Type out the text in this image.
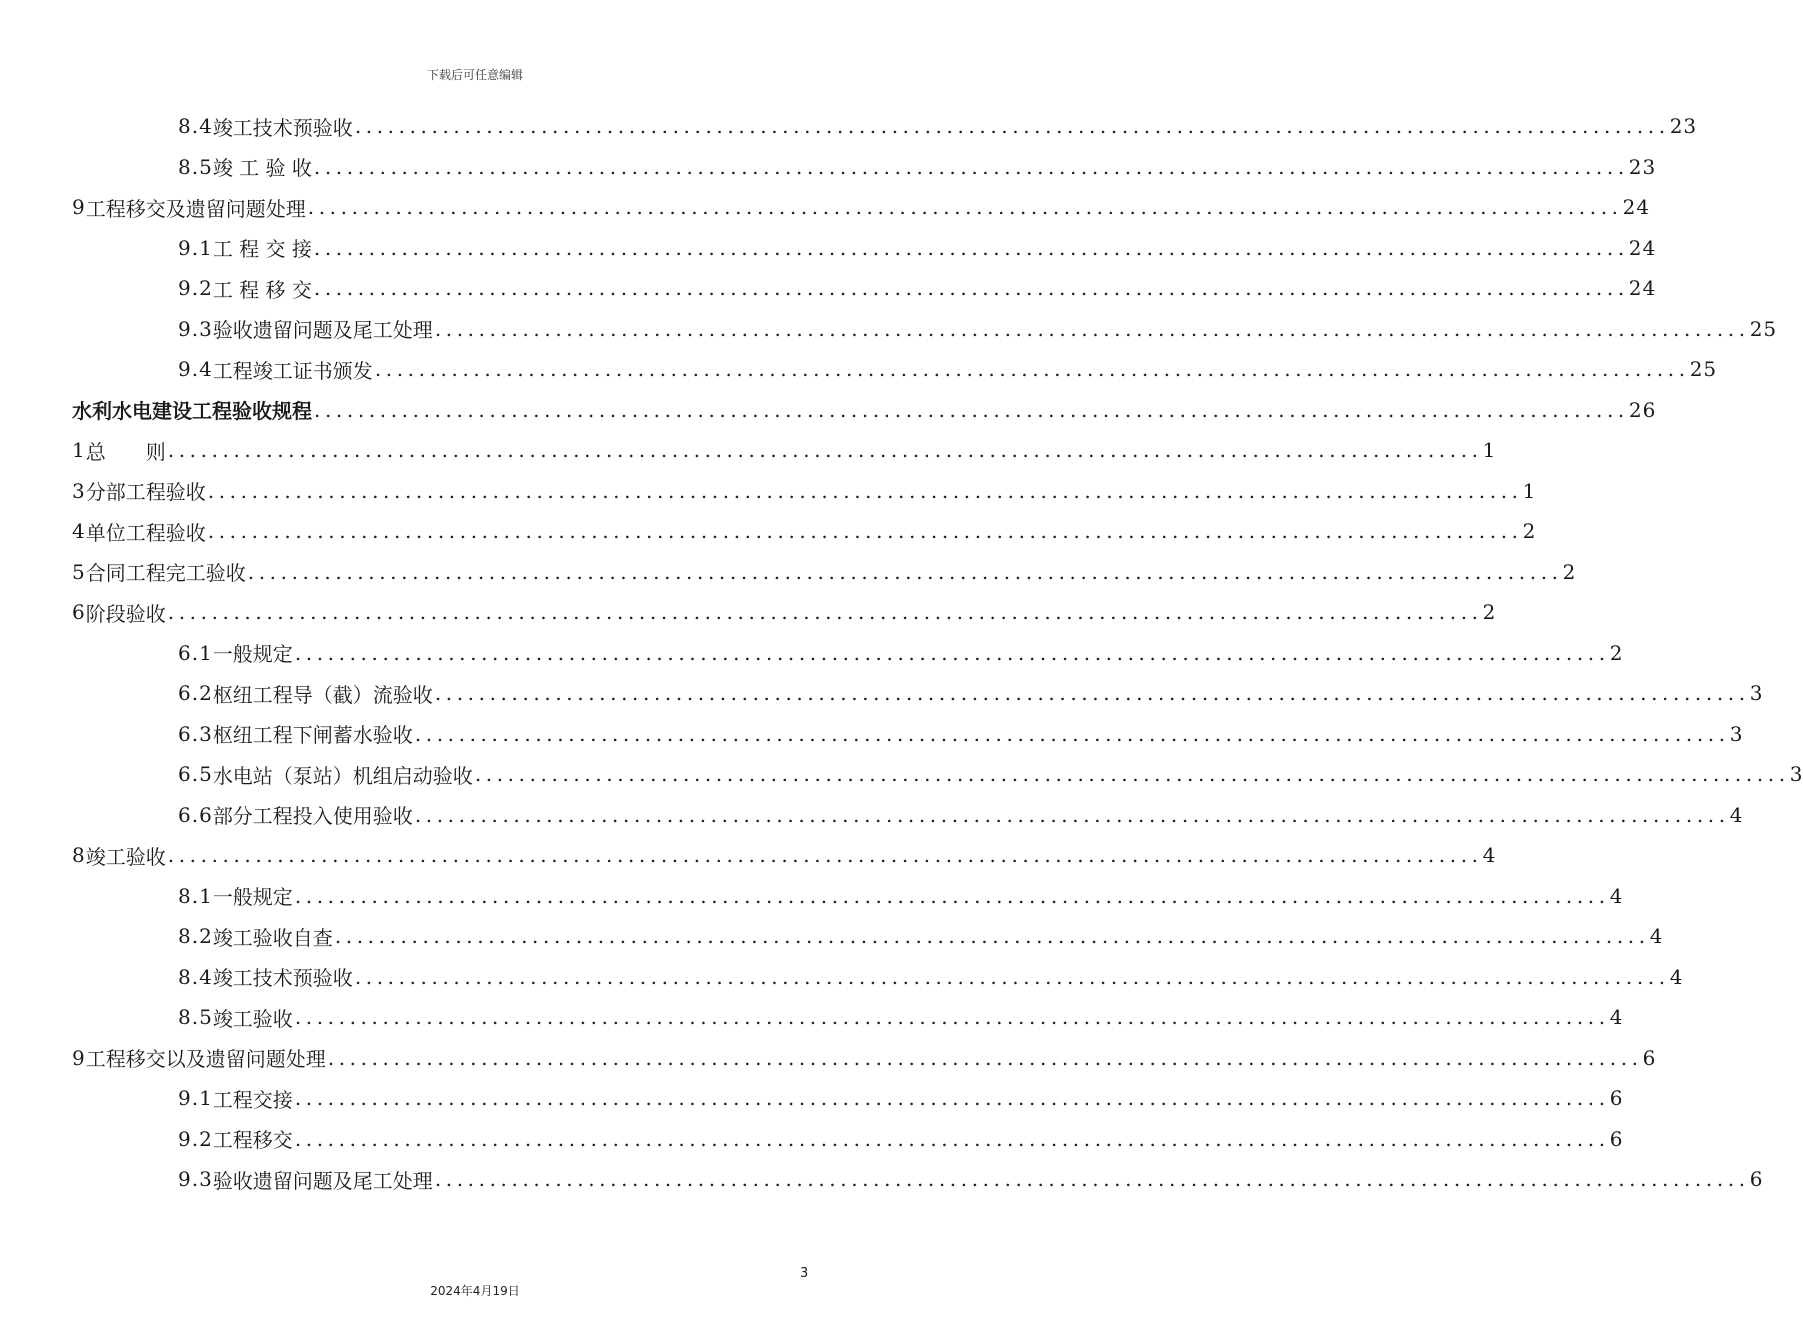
下载后可任意编辑
8.4 竣工技术预验收 ........................................................................................................................ 23
8.5 竣 工 验 收 ........................................................................................................................ 23
9 工程移交及遗留问题处理 ........................................................................................................................ 24
9.1 工 程 交 接 ........................................................................................................................ 24
9.2 工 程 移 交 ........................................................................................................................ 24
9.3 验收遗留问题及尾工处理 ........................................................................................................................ 25
9.4 工程竣工证书颁发 ........................................................................................................................ 25
水利水电建设工程验收规程 ........................................................................................................................ 26
1 总　　则 ........................................................................................................................ 1
3 分部工程验收 ........................................................................................................................ 1
4 单位工程验收 ........................................................................................................................ 2
5 合同工程完工验收 ........................................................................................................................ 2
6 阶段验收 ........................................................................................................................ 2
6.1 一般规定 ........................................................................................................................ 2
6.2 枢纽工程导（截）流验收 ........................................................................................................................ 3
6.3 枢纽工程下闸蓄水验收 ........................................................................................................................ 3
6.5 水电站（泵站）机组启动验收 ........................................................................................................................ 3
6.6 部分工程投入使用验收 ........................................................................................................................ 4
8 竣工验收 ........................................................................................................................ 4
8.1 一般规定 ........................................................................................................................ 4
8.2 竣工验收自查 ........................................................................................................................ 4
8.4 竣工技术预验收 ........................................................................................................................ 4
8.5 竣工验收 ........................................................................................................................ 4
9 工程移交以及遗留问题处理 ........................................................................................................................ 6
9.1 工程交接 ........................................................................................................................ 6
9.2 工程移交 ........................................................................................................................ 6
9.3 验收遗留问题及尾工处理 ........................................................................................................................ 6
3
2024年4月19日
